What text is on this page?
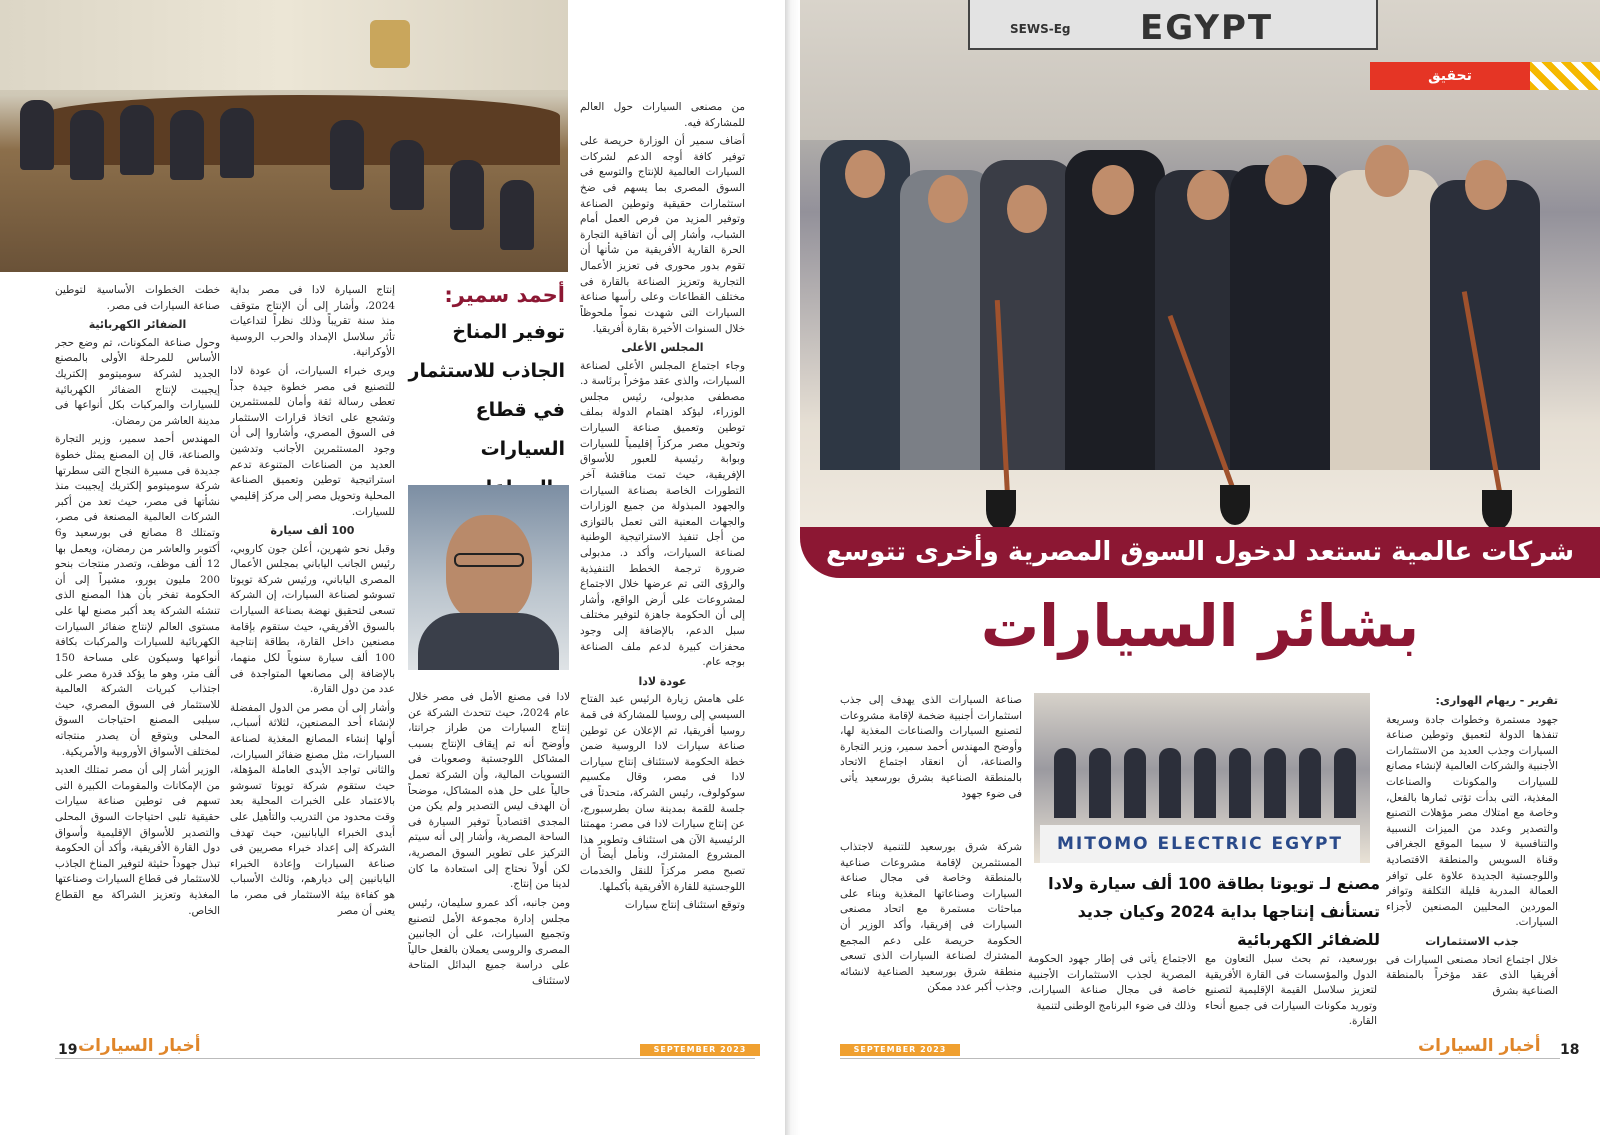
أحمد سمير:
توفير المناخ الجاذب للاستثمار في قطاع السيارات

من مصنعى السيارات حول العالم للمشاركة فيه.

أضاف سمير أن الوزارة حريصة على توفير كافة أوجه الدعم لشركات السيارات العالمية للإنتاج والتوسع فى السوق المصرى بما يسهم فى ضخ استثمارات حقيقية وتوطين الصناعة وتوفير المزيد من فرص العمل أمام الشباب، وأشار إلى أن اتفاقية التجارة الحرة القارية الأفريقية من شأنها أن تقوم بدور محورى فى تعزيز الأعمال التجارية وتعزيز الصناعة بالقارة فى مختلف القطاعات وعلى رأسها صناعة السيارات التى شهدت نمواً ملحوظاً خلال السنوات الأخيرة بقارة أفريقيا.

المجلس الأعلى

وجاء اجتماع المجلس الأعلى لصناعة السيارات، والذى عقد مؤخراً برئاسة د. مصطفى مدبولى، رئيس مجلس الوزراء، ليؤكد اهتمام الدولة بملف توطين وتعميق صناعة السيارات وتحويل مصر مركزاً إقليمياً للسيارات وبوابة رئيسية للعبور للأسواق الإفريقية، حيث تمت مناقشة آخر التطورات الخاصة بصناعة السيارات والجهود المبذولة من جميع الوزارات والجهات المعنية التى تعمل بالتوازى من أجل تنفيذ الاستراتيجية الوطنية لصناعة السيارات، وأكد د. مدبولى ضرورة ترجمة الخطط التنفيذية والرؤى التى تم عرضها خلال الاجتماع لمشروعات على أرض الواقع، وأشار إلى أن الحكومة جاهزة لتوفير مختلف سبل الدعم، بالإضافة إلى وجود محفزات كبيرة لدعم ملف الصناعة بوجه عام.

عودة لادا

على هامش زيارة الرئيس عبد الفتاح السيسي إلى روسيا للمشاركة فى قمة روسيا أفريقيا، تم الإعلان عن توطين صناعة سيارات لادا الروسية ضمن خطة الحكومة لاستئناف إنتاج سيارات لادا فى مصر، وقال مكسيم سوكولوف، رئيس الشركة، متحدثاً فى جلسة للقمة بمدينة سان بطرسبورج، عن إنتاج سيارات لادا فى مصر: مهمتنا الرئيسية الآن هى استئناف وتطوير هذا المشروع المشترك، ونأمل أيضاً أن تصبح مصر مركزاً للنقل والخدمات اللوجستية للقارة الأفريقية بأكملها.

وتوقع استئناف إنتاج سيارات

لادا فى مصنع الأمل فى مصر خلال عام 2024، حيث تتحدث الشركة عن إنتاج السيارات من طراز جرانتا، وأوضح أنه تم إيقاف الإنتاج بسبب المشاكل اللوجستية وصعوبات فى التسويات المالية، وأن الشركة تعمل حالياً على حل هذه المشاكل، موضحاً أن الهدف ليس التصدير ولم يكن من المجدى اقتصادياً توفير السيارة فى الساحة المصرية، وأشار إلى أنه سيتم التركيز على تطوير السوق المصرية، لكن أولاً نحتاج إلى استعادة ما كان لدينا من إنتاج.

ومن جانبه، أكد عمرو سليمان، رئيس مجلس إدارة مجموعة الأمل لتصنيع وتجميع السيارات، على أن الجانبين المصرى والروسى يعملان بالفعل حالياً على دراسة جميع البدائل المتاحة لاستئناف

إنتاج السيارة لادا فى مصر بداية 2024، وأشار إلى أن الإنتاج متوقف منذ سنة تقريباً وذلك نظراً لتداعيات تأثر سلاسل الإمداد والحرب الروسية الأوكرانية.

ويرى خبراء السيارات، أن عودة لادا للتصنيع فى مصر خطوة جيدة جداً تعطى رسالة ثقة وأمان للمستثمرين وتشجع على اتخاذ قرارات الاستثمار فى السوق المصري، وأشاروا إلى أن وجود المستثمرين الأجانب وتدشين العديد من الصناعات المتنوعة تدعم استراتيجية توطين وتعميق الصناعة المحلية وتحويل مصر إلى مركز إقليمي للسيارات.

100 ألف سيارة

وقبل نحو شهرين، أعلن جون كاروبي، رئيس الجانب الياباني بمجلس الأعمال المصرى الياباني، ورئيس شركة تويوتا تسوشو لصناعة السيارات، إن الشركة تسعى لتحقيق نهضة بصناعة السيارات بالسوق الأفريقي، حيث ستقوم بإقامة مصنعين داخل القارة، بطاقة إنتاجية 100 ألف سيارة سنوياً لكل منهما، بالإضافة إلى مصانعها المتواجدة فى عدد من دول القارة.

وأشار إلى أن مصر من الدول المفضلة لإنشاء أحد المصنعين، لثلاثة أسباب، أولها إنشاء المصانع المغذية لصناعة السيارات، مثل مصنع ضفائر السيارات، والثانى تواجد الأيدى العاملة المؤهلة، حيث ستقوم شركة تويوتا تسوشو بالاعتماد على الخبرات المحلية بعد وقت محدود من التدريب والتأهيل على أيدى الخبراء اليابانيين، حيث تهدف الشركة إلى إعداد خبراء مصريين فى صناعة السيارات وإعادة الخبراء اليابانيين إلى ديارهم، وثالث الأسباب هو كفاءة بيئة الاستثمار فى مصر، ما يعنى أن مصر

خطت الخطوات الأساسية لتوطين صناعة السيارات فى مصر.

الضفائر الكهربائية

وحول صناعة المكونات، تم وضع حجر الأساس للمرحلة الأولى بالمصنع الجديد لشركة سوميتومو إلكتريك إيجيبت لإنتاج الضفائر الكهربائية للسيارات والمركبات بكل أنواعها فى مدينة العاشر من رمضان.

المهندس أحمد سمير، وزير التجارة والصناعة، قال إن المصنع يمثل خطوة جديدة فى مسيرة النجاح التى سطرتها شركة سوميتومو إلكتريك إيجيبت منذ نشأتها فى مصر، حيث تعد من أكبر الشركات العالمية المصنعة فى مصر، وتمتلك 8 مصانع فى بورسعيد و6 أكتوبر والعاشر من رمضان، ويعمل بها 12 ألف موظف، وتصدر منتجات بنحو 200 مليون يورو، مشيراً إلى أن الحكومة تفخر بأن هذا المصنع الذى تنشئه الشركة يعد أكبر مصنع لها على مستوى العالم لإنتاج ضفائر السيارات الكهربائية للسيارات والمركبات بكافة أنواعها وسيكون على مساحة 150 ألف متر، وهو ما يؤكد قدرة مصر على اجتذاب كبريات الشركة العالمية للاستثمار فى السوق المصري، حيث سيلبى المصنع احتياجات السوق المحلى ويتوقع أن يصدر منتجاته لمختلف الأسواق الأوروبية والأمريكية.

الوزير أشار إلى أن مصر تمتلك العديد من الإمكانات والمقومات الكبيرة التى تسهم فى توطين صناعة سيارات حقيقية تلبى احتياجات السوق المحلى والتصدير للأسواق الإقليمية وأسواق دول القارة الأفريقية، وأكد أن الحكومة تبذل جهوداً حثيثة لتوفير المناخ الجاذب للاستثمار فى قطاع السيارات وصناعتها المغذية وتعزيز الشراكة مع القطاع الخاص.

19 أخبار السيارات	SEPTEMBER 2023
SEWS-Eg EGYPT
تحقيق
شركات عالمية تستعد لدخول السوق المصرية وأخرى تتوسع
بشائر السيارات
MITOMO ELECTRIC EGYPT

تقرير - ريهام الهوارى:

جهود مستمرة وخطوات جادة وسريعة تنفذها الدولة لتعميق وتوطين صناعة السيارات وجذب العديد من الاستثمارات الأجنبية والشركات العالمية لإنشاء مصانع للسيارات والمكونات والصناعات المغذية، التى بدأت تؤتى ثمارها بالفعل، وخاصة مع امتلاك مصر مؤهلات التصنيع والتصدير وعدد من الميزات النسبية والتنافسية لا سيما الموقع الجغرافى وقناة السويس والمنطقة الاقتصادية واللوجستية الجديدة علاوة على توافر العمالة المدربة قليلة التكلفة وتوافر الموردين المحليين المصنعين لأجزاء السيارات.

جذب الاستثمارات

خلال اجتماع اتحاد مصنعى السيارات فى أفريقيا الذى عقد مؤخراً بالمنطقة الصناعية بشرق

صناعة السيارات الذى يهدف إلى جذب استثمارات أجنبية ضخمة لإقامة مشروعات لتصنيع السيارات والصناعات المغذية لها، وأوضح المهندس أحمد سمير، وزير التجارة والصناعة، أن انعقاد اجتماع الاتحاد بالمنطقة الصناعية بشرق بورسعيد يأتى فى ضوء جهود

شركة شرق بورسعيد للتنمية لاجتذاب المستثمرين لإقامة مشروعات صناعية بالمنطقة وخاصة فى مجال صناعة السيارات وصناعاتها المغذية وبناء على مباحثات مستمرة مع اتحاد مصنعى السيارات فى إفريقيا، وأكد الوزير أن الحكومة حريصة على دعم المجمع المشترك لصناعة السيارات الذى تسعى منطقة شرق بورسعيد الصناعية لانشائه وجذب أكبر عدد ممكن

مصنع لـ تويوتا بطاقة 100 ألف سيارة ولادا تستأنف إنتاجها بداية 2024 وكيان جديد للضفائر الكهربائية

بورسعيد، تم بحث سبل التعاون مع الدول والمؤسسات فى القارة الأفريقية لتعزيز سلاسل القيمة الإقليمية لتصنيع وتوريد مكونات السيارات فى جميع أنحاء القارة.

الاجتماع يأتى فى إطار جهود الحكومة المصرية لجذب الاستثمارات الأجنبية خاصة فى مجال صناعة السيارات، وذلك فى ضوء البرنامج الوطنى لتنمية

SEPTEMBER 2023	أخبار السيارات 18
